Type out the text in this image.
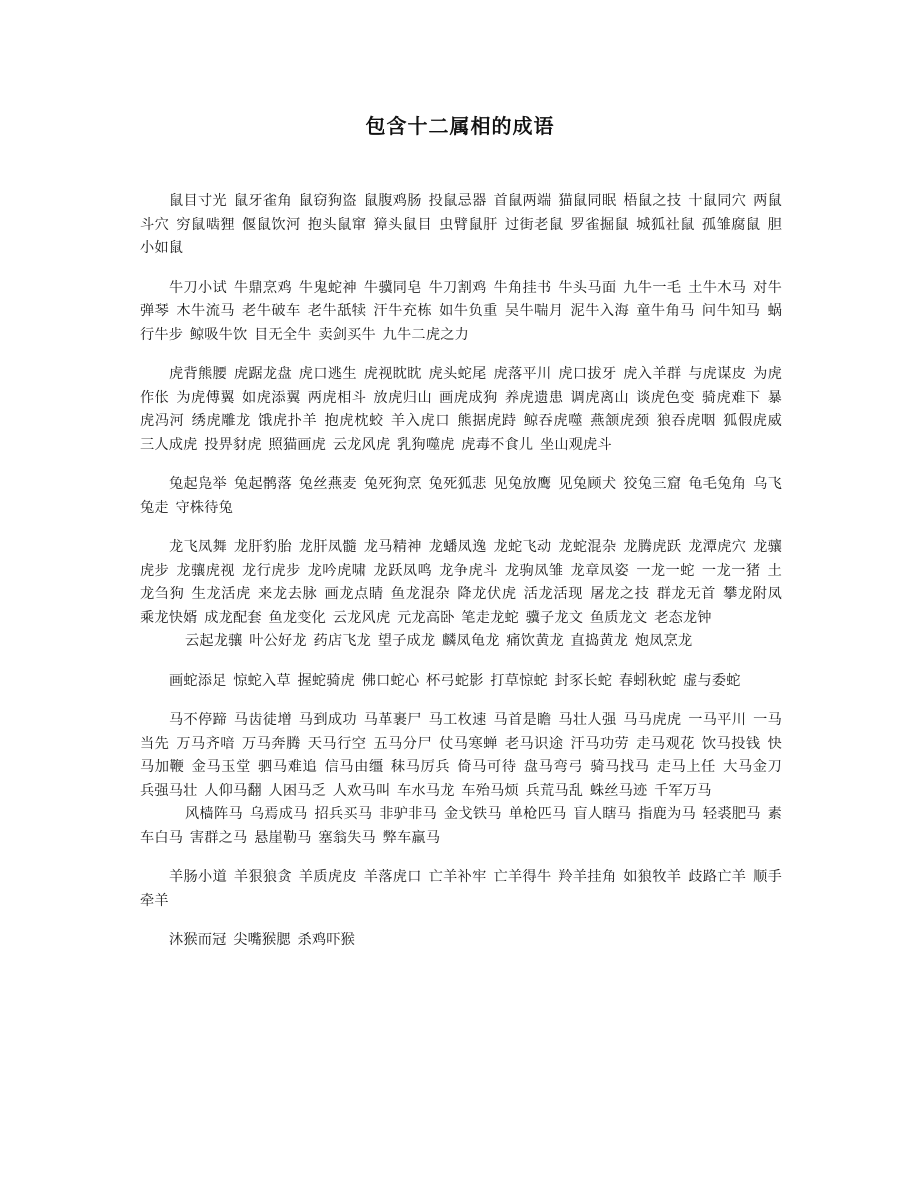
包含十二属相的成语

鼠目寸光 鼠牙雀角 鼠窃狗盗 鼠腹鸡肠 投鼠忌器 首鼠两端 猫鼠同眠 梧鼠之技 十鼠同穴 两鼠斗穴 穷鼠啮狸 偃鼠饮河 抱头鼠窜 獐头鼠目 虫臂鼠肝 过街老鼠 罗雀掘鼠 城狐社鼠 孤雏腐鼠 胆小如鼠

牛刀小试 牛鼎烹鸡 牛鬼蛇神 牛骥同皂 牛刀割鸡 牛角挂书 牛头马面 九牛一毛 土牛木马 对牛弹琴 木牛流马 老牛破车 老牛舐犊 汗牛充栋 如牛负重 吴牛喘月 泥牛入海 童牛角马 问牛知马 蜗行牛步 鲸吸牛饮 目无全牛 卖剑买牛 九牛二虎之力

虎背熊腰 虎踞龙盘 虎口逃生 虎视眈眈 虎头蛇尾 虎落平川 虎口拔牙 虎入羊群 与虎谋皮 为虎作伥 为虎傅翼 如虎添翼 两虎相斗 放虎归山 画虎成狗 养虎遗患 调虎离山 谈虎色变 骑虎难下 暴虎冯河 绣虎雕龙 饿虎扑羊 抱虎枕蛟 羊入虎口 熊据虎跱 鲸吞虎噬 燕颔虎颈 狼吞虎咽 狐假虎威 三人成虎 投畀豺虎 照猫画虎 云龙风虎 乳狗噬虎 虎毒不食儿 坐山观虎斗

兔起凫举 兔起鹘落 兔丝燕麦 兔死狗烹 兔死狐悲 见兔放鹰 见兔顾犬 狡兔三窟 龟毛兔角 乌飞兔走 守株待兔

龙飞凤舞 龙肝豹胎 龙肝凤髓 龙马精神 龙蟠凤逸 龙蛇飞动 龙蛇混杂 龙腾虎跃 龙潭虎穴 龙骧虎步 龙骧虎视 龙行虎步 龙吟虎啸 龙跃凤鸣 龙争虎斗 龙驹凤雏 龙章凤姿 一龙一蛇 一龙一猪 土龙刍狗 生龙活虎 来龙去脉 画龙点睛 鱼龙混杂 降龙伏虎 活龙活现 屠龙之技 群龙无首 攀龙附凤 乘龙快婿 成龙配套 鱼龙变化 云龙风虎 元龙高卧 笔走龙蛇 骥子龙文 鱼质龙文 老态龙钟

云起龙骧 叶公好龙 药店飞龙 望子成龙 麟凤龟龙 痛饮黄龙 直捣黄龙 炮凤烹龙

画蛇添足 惊蛇入草 握蛇骑虎 佛口蛇心 杯弓蛇影 打草惊蛇 封豕长蛇 春蚓秋蛇 虚与委蛇

马不停蹄 马齿徒增 马到成功 马革裹尸 马工枚速 马首是瞻 马壮人强 马马虎虎 一马平川 一马当先 万马齐喑 万马奔腾 天马行空 五马分尸 仗马寒蝉 老马识途 汗马功劳 走马观花 饮马投钱 快马加鞭 金马玉堂 驷马难追 信马由缰 秣马厉兵 倚马可待 盘马弯弓 骑马找马 走马上任 大马金刀 兵强马壮 人仰马翻 人困马乏 人欢马叫 车水马龙 车殆马烦 兵荒马乱 蛛丝马迹 千军万马

风樯阵马 乌焉成马 招兵买马 非驴非马 金戈铁马 单枪匹马 盲人瞎马 指鹿为马 轻裘肥马 素车白马 害群之马 悬崖勒马 塞翁失马 弊车羸马

羊肠小道 羊狠狼贪 羊质虎皮 羊落虎口 亡羊补牢 亡羊得牛 羚羊挂角 如狼牧羊 歧路亡羊 顺手牵羊

沐猴而冠 尖嘴猴腮 杀鸡吓猴
